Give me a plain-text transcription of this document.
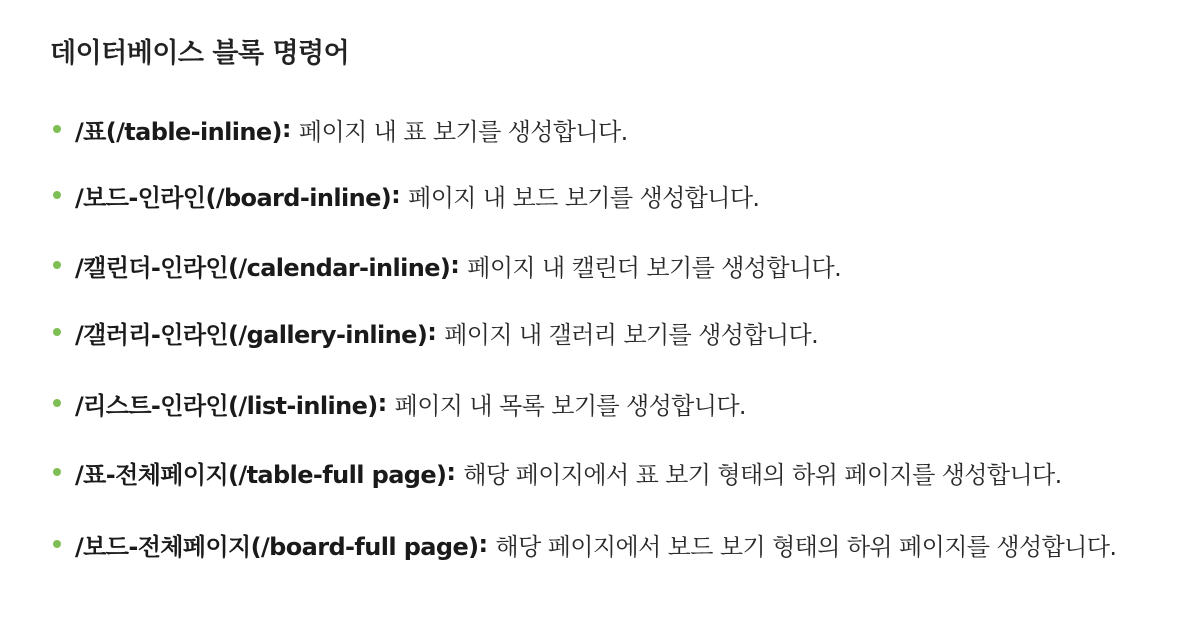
데이터베이스 블록 명령어
/표(/table-inline) : 페이지 내 표 보기를 생성합니다.
/보드-인라인(/board-inline) : 페이지 내 보드 보기를 생성합니다.
/캘린더-인라인(/calendar-inline) : 페이지 내 캘린더 보기를 생성합니다.
/갤러리-인라인(/gallery-inline) : 페이지 내 갤러리 보기를 생성합니다.
/리스트-인라인(/list-inline) : 페이지 내 목록 보기를 생성합니다.
/표-전체페이지(/table-full page) : 해당 페이지에서 표 보기 형태의 하위 페이지를 생성합니다.
/보드-전체페이지(/board-full page) : 해당 페이지에서 보드 보기 형태의 하위 페이지를 생성합니다.
